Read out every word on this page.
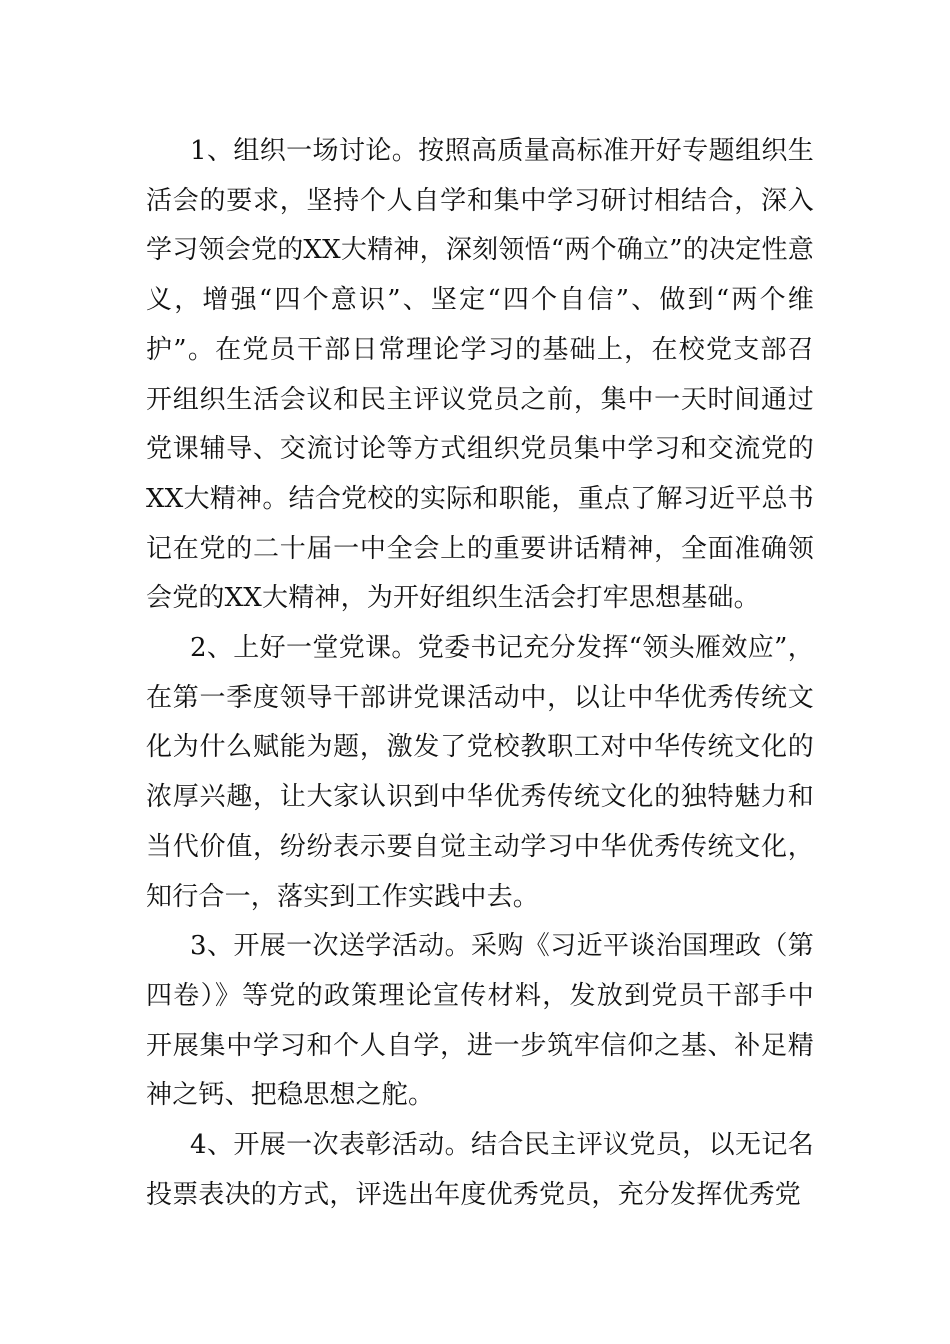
1、组织一场讨论。按照高质量高标准开好专题组织生活会的要求，坚持个人自学和集中学习研讨相结合，深入学习领会党的XX大精神，深刻领悟“两个确立”的决定性意义，增强“四个意识”、坚定“四个自信”、做到“两个维护”。在党员干部日常理论学习的基础上，在校党支部召开组织生活会议和民主评议党员之前，集中一天时间通过党课辅导、交流讨论等方式组织党员集中学习和交流党的XX大精神。结合党校的实际和职能，重点了解习近平总书记在党的二十届一中全会上的重要讲话精神，全面准确领会党的XX大精神，为开好组织生活会打牢思想基础。

2、上好一堂党课。党委书记充分发挥“领头雁效应”，在第一季度领导干部讲党课活动中，以让中华优秀传统文化为什么赋能为题，激发了党校教职工对中华传统文化的浓厚兴趣，让大家认识到中华优秀传统文化的独特魅力和当代价值，纷纷表示要自觉主动学习中华优秀传统文化，知行合一，落实到工作实践中去。

3、开展一次送学活动。采购《习近平谈治国理政（第四卷）》等党的政策理论宣传材料，发放到党员干部手中开展集中学习和个人自学，进一步筑牢信仰之基、补足精神之钙、把稳思想之舵。

4、开展一次表彰活动。结合民主评议党员，以无记名投票表决的方式，评选出年度优秀党员，充分发挥优秀党
